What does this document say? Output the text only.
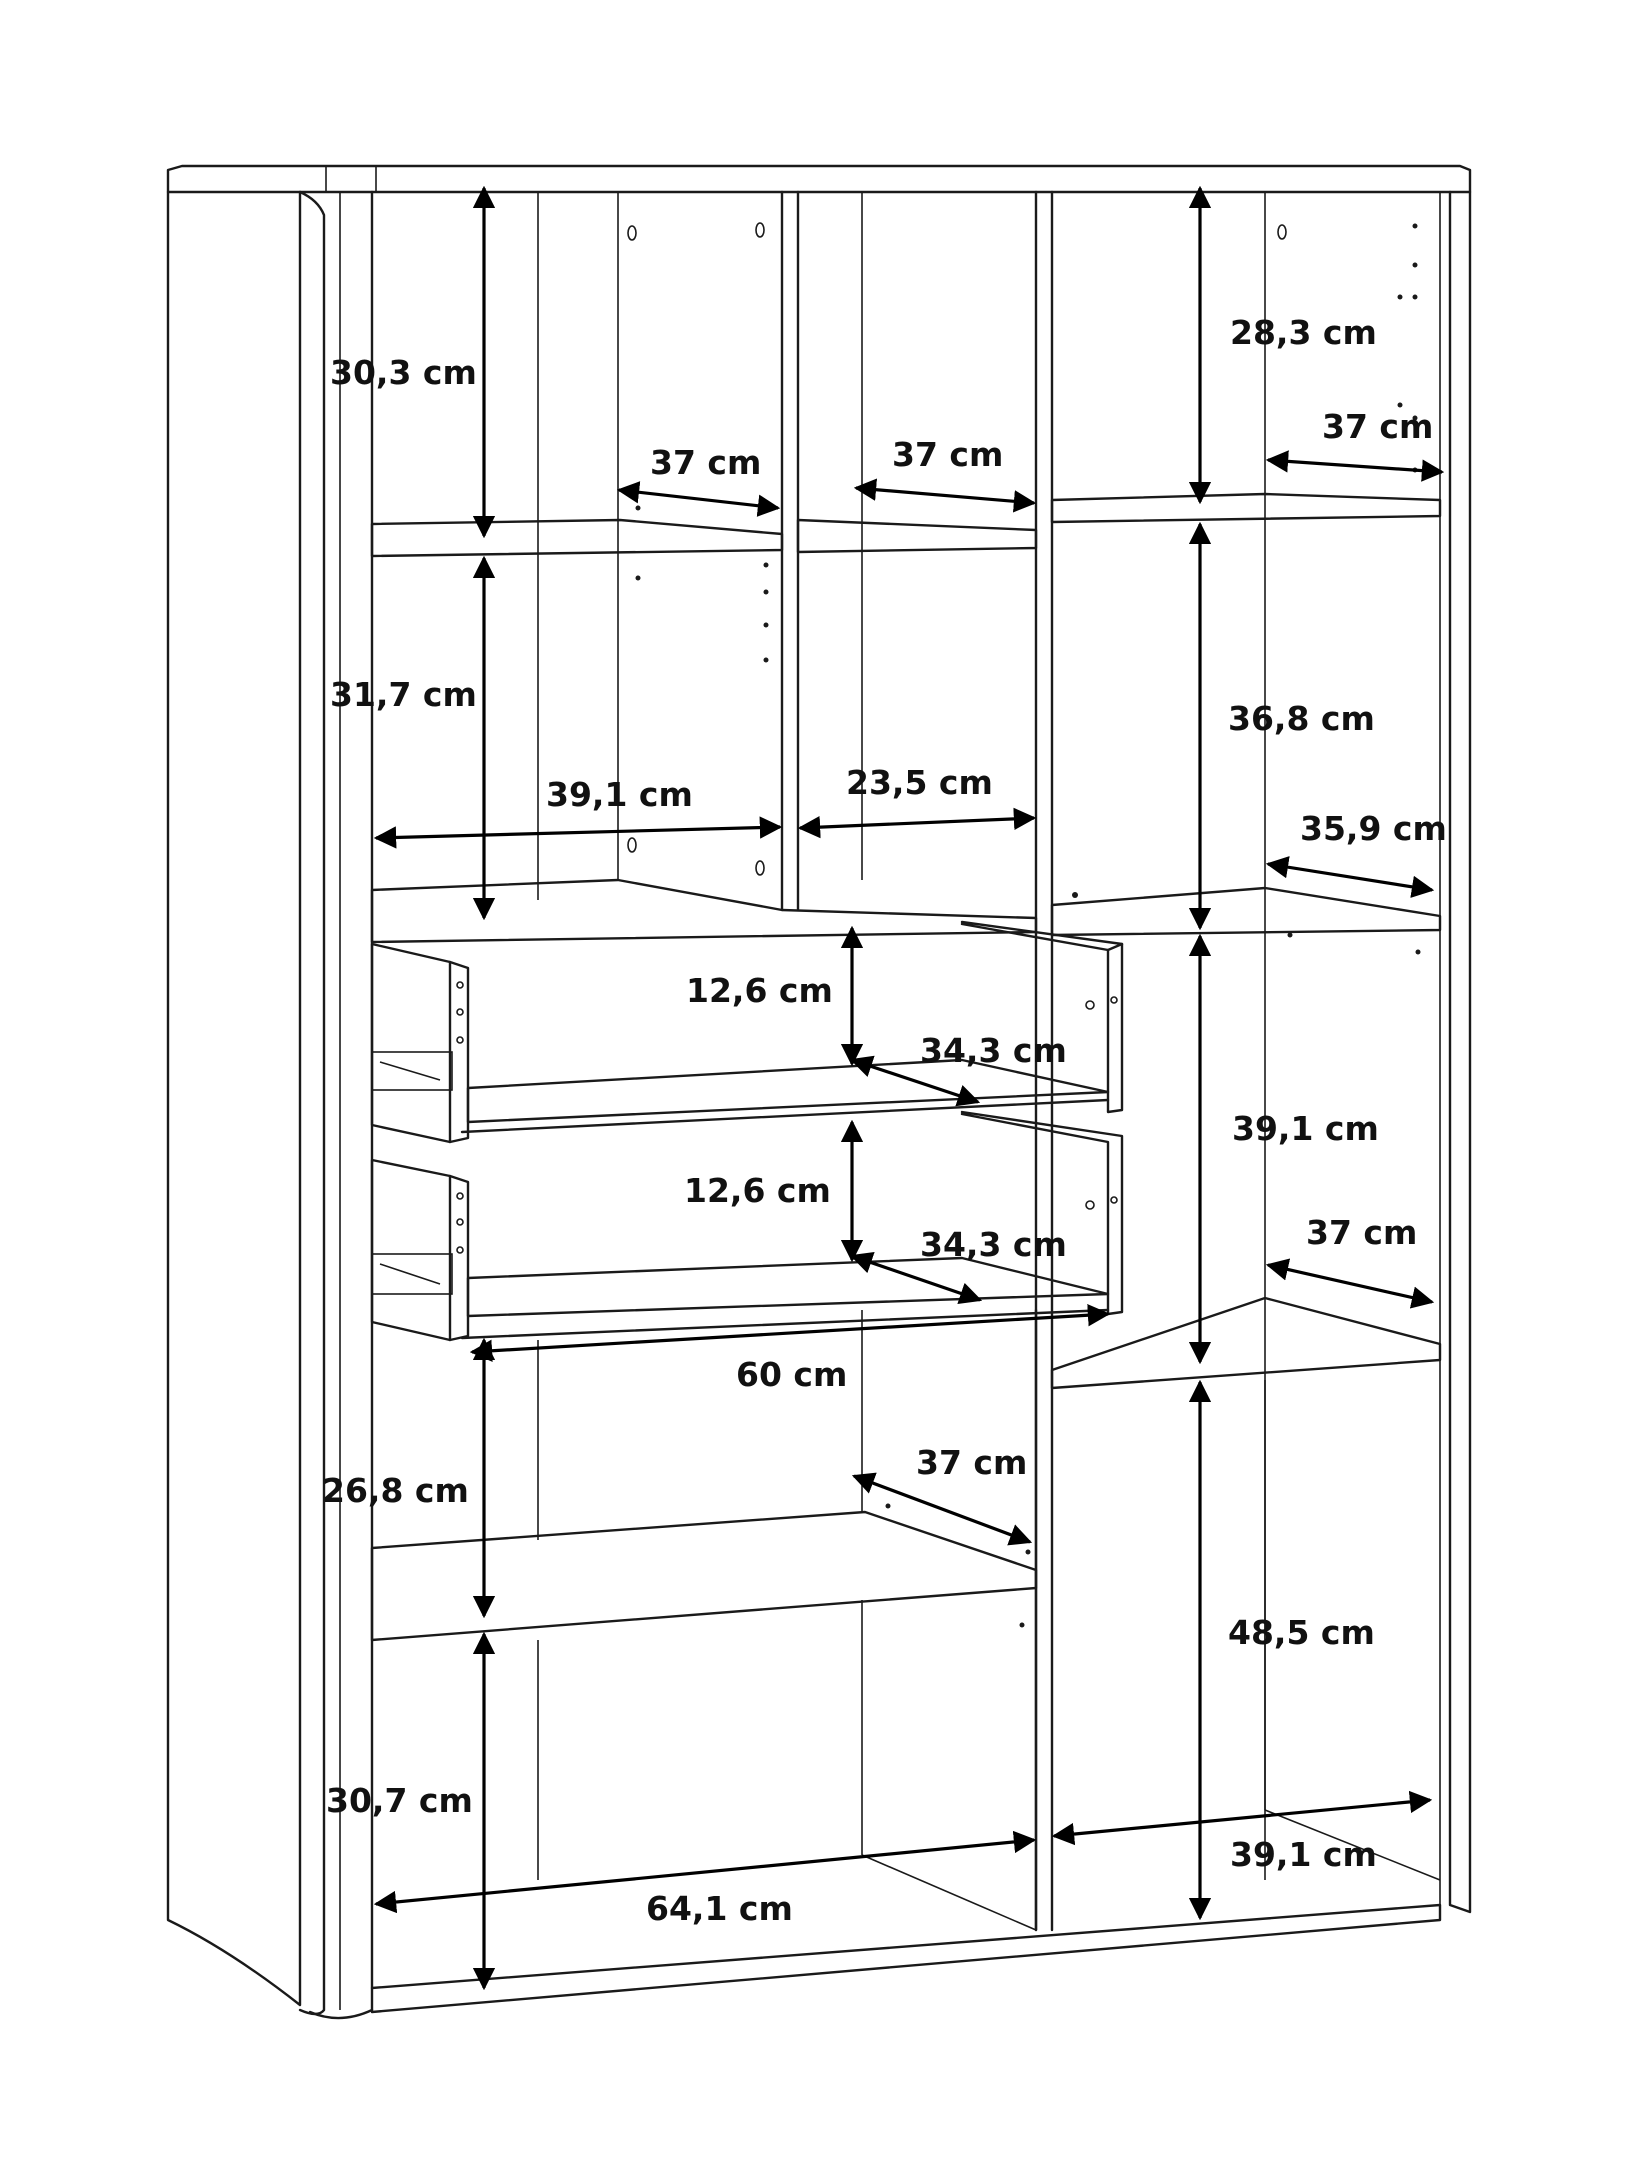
30,3 cm
37 cm	37 cm
28,3 cm
37 cm
31,7 cm
39,1 cm	23,5 cm
36,8 cm
35,9 cm
12,6 cm
34,3 cm
12,6 cm
34,3 cm
39,1 cm
37 cm
60 cm
37 cm
26,8 cm
48,5 cm
30,7 cm
39,1 cm
64,1 cm
